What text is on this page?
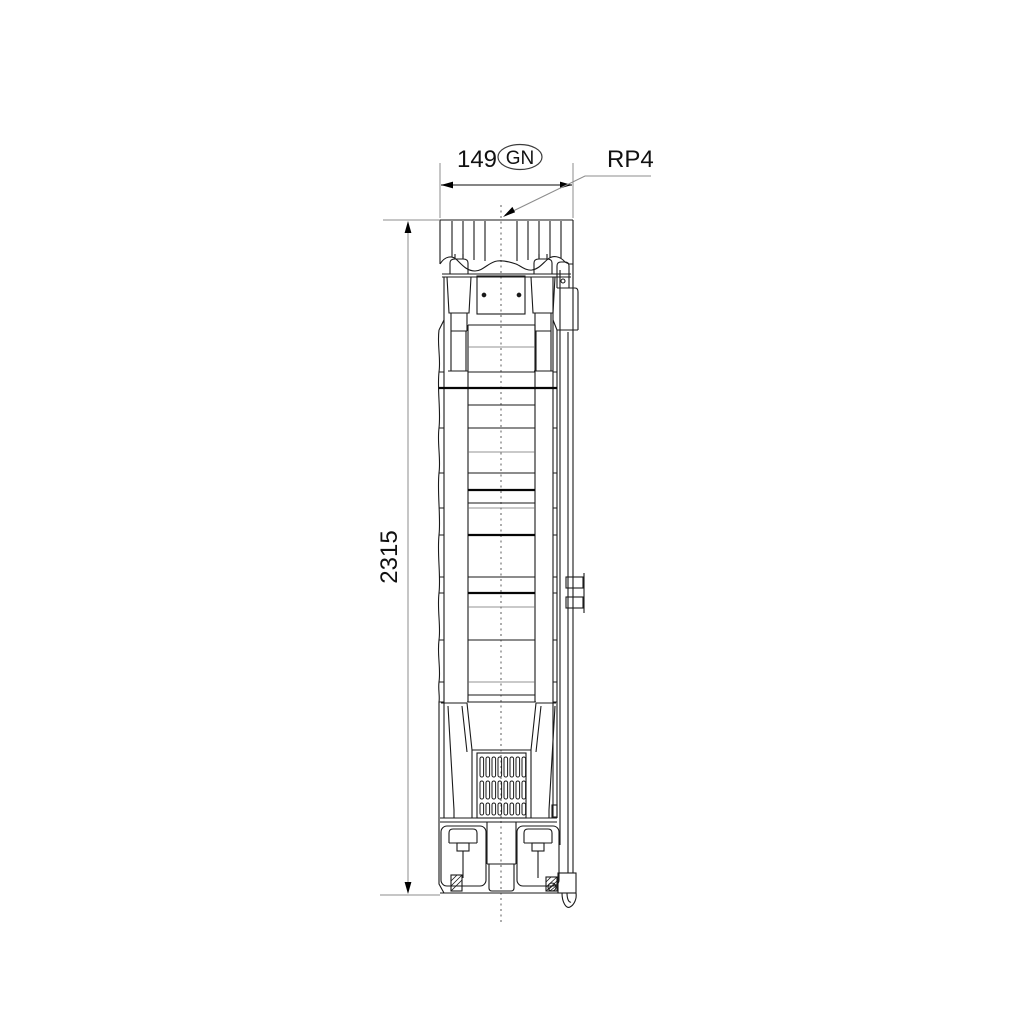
149 GN	RP4
2315
